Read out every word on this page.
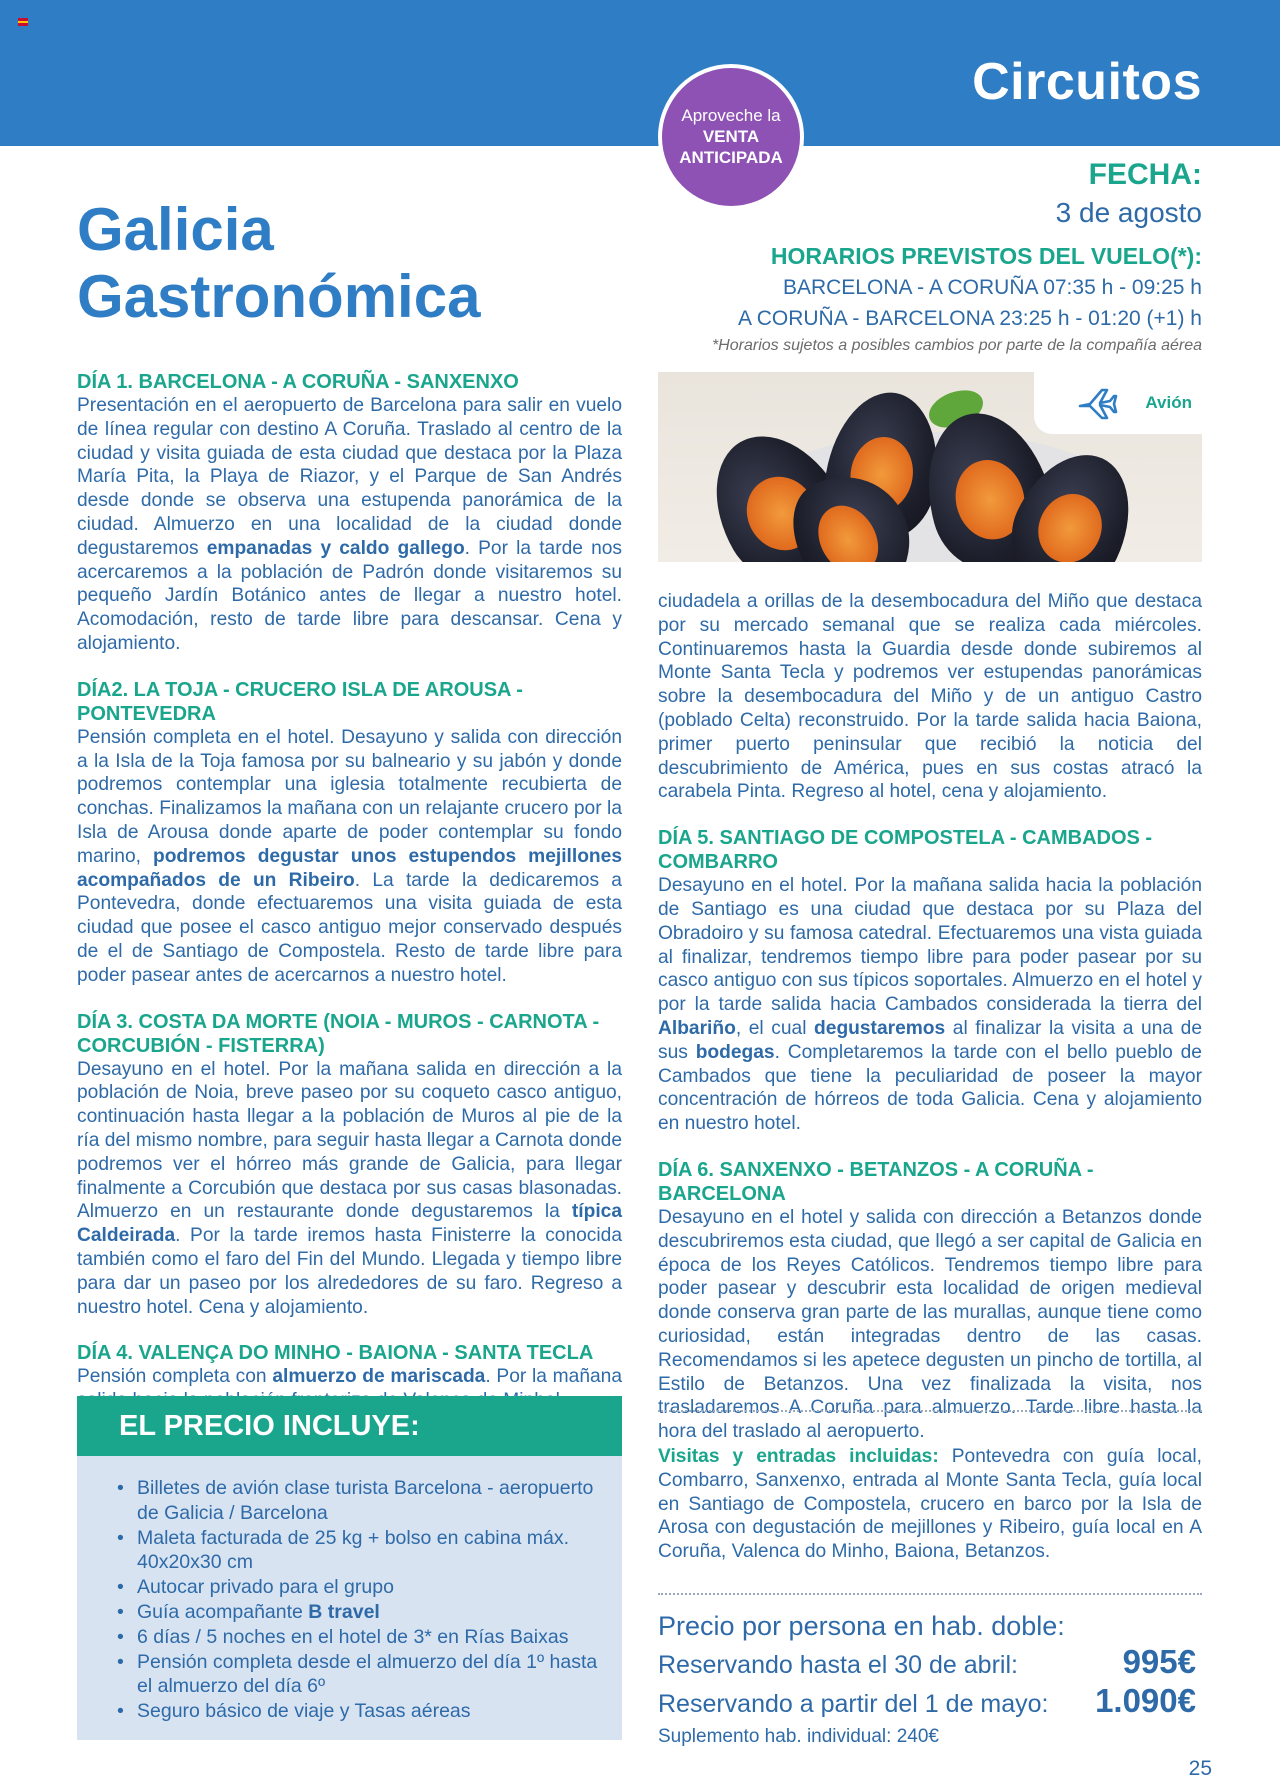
Circuitos
Aprovechе la
VENTA
ANTICIPADA
Galicia
Gastronómica
FECHA:
3 de agosto
HORARIOS PREVISTOS DEL VUELO(*):
BARCELONA - A CORUÑA 07:35 h - 09:25 h
A CORUÑA - BARCELONA 23:25 h - 01:20 (+1) h
*Horarios sujetos a posibles cambios por parte de la compañía aérea
Avión
DÍA 1. BARCELONA - A CORUÑA - SANXENXO
Presentación en el aeropuerto de Barcelona para salir en vuelo de línea regular con destino A Coruña. Traslado al centro de la ciudad y visita guiada de esta ciudad que destaca por la Plaza María Pita, la Playa de Riazor, y el Parque de San Andrés desde donde se observa una estupenda panorámica de la ciudad. Almuerzo en una localidad de la ciudad donde degustaremos empanadas y caldo gallego. Por la tarde nos acercaremos a la población de Padrón donde visitaremos su pequeño Jardín Botánico antes de llegar a nuestro hotel. Acomodación, resto de tarde libre para descansar. Cena y alojamiento.
DÍA2. LA TOJA - CRUCERO ISLA DE AROUSA - PONTEVEDRA
Pensión completa en el hotel. Desayuno y salida con dirección a la Isla de la Toja famosa por su balneario y su jabón y donde podremos contemplar una iglesia totalmente recubierta de conchas. Finalizamos la mañana con un relajante crucero por la Isla de Arousa donde aparte de poder contemplar su fondo marino, podremos degustar unos estupendos mejillones acompañados de un Ribeiro. La tarde la dedicaremos a Pontevedra, donde efectuaremos una visita guiada de esta ciudad que posee el casco antiguo mejor conservado después de el de Santiago de Compostela. Resto de tarde libre para poder pasear antes de acercarnos a nuestro hotel.
DÍA 3. COSTA DA MORTE (NOIA - MUROS - CARNOTA - CORCUBIÓN - FISTERRA)
Desayuno en el hotel. Por la mañana salida en dirección a la población de Noia, breve paseo por su coqueto casco antiguo, continuación hasta llegar a la población de Muros al pie de la ría del mismo nombre, para seguir hasta llegar a Carnota donde podremos ver el hórreo más grande de Galicia, para llegar finalmente a Corcubión que destaca por sus casas blasonadas. Almuerzo en un restaurante donde degustaremos la típica Caldeirada. Por la tarde iremos hasta Finisterre la conocida también como el faro del Fin del Mundo. Llegada y tiempo libre para dar un paseo por los alrededores de su faro. Regreso a nuestro hotel. Cena y alojamiento.
DÍA 4. VALENÇA DO MINHO - BAIONA - SANTA TECLA
Pensión completa con almuerzo de mariscada. Por la mañana
ciudadela a orillas de la desembocadura del Miño que destaca por su mercado semanal que se realiza cada miércoles. Continuaremos hasta la Guardia desde donde subiremos al Monte Santa Tecla y podremos ver estupendas panorámicas sobre la desembocadura del Miño y de un antiguo Castro (poblado Celta) reconstruido. Por la tarde salida hacia Baiona, primer puerto peninsular que recibió la noticia del descubrimiento de América, pues en sus costas atracó la carabela Pinta. Regreso al hotel, cena y alojamiento.
DÍA 5. SANTIAGO DE COMPOSTELA - CAMBADOS - COMBARRO
Desayuno en el hotel. Por la mañana salida hacia la población de Santiago es una ciudad que destaca por su Plaza del Obradoiro y su famosa catedral. Efectuaremos una vista guiada al finalizar, tendremos tiempo libre para poder pasear por su casco antiguo con sus típicos soportales. Almuerzo en el hotel y por la tarde salida hacia Cambados considerada la tierra del Albariño, el cual degustaremos al finalizar la visita a una de sus bodegas. Completaremos la tarde con el bello pueblo de Cambados que tiene la peculiaridad de poseer la mayor concentración de hórreos de toda Galicia. Cena y alojamiento en nuestro hotel.
DÍA 6. SANXENXO - BETANZOS - A CORUÑA - BARCELONA
Desayuno en el hotel y salida con dirección a Betanzos donde descubriremos esta ciudad, que llegó a ser capital de Galicia en época de los Reyes Católicos. Tendremos tiempo libre para poder pasear y descubrir esta localidad de origen medieval donde conserva gran parte de las murallas, aunque tiene como curiosidad, están integradas dentro de las casas. Recomendamos si les apetece degusten un pincho de tortilla, al Estilo de Betanzos. Una vez finalizada la visita, nos trasladaremos A Coruña para almuerzo. Tarde libre hasta la hora del traslado al aeropuerto.
EL PRECIO INCLUYE:
• Billetes de avión clase turista Barcelona - aeropuerto de Galicia / Barcelona
• Maleta facturada de 25 kg + bolso en cabina máx. 40x20x30 cm
• Autocar privado para el grupo
• Guía acompañante B travel
• 6 días / 5 noches en el hotel de 3* en Rías Baixas
• Pensión completa desde el almuerzo del día 1º hasta el almuerzo del día 6º
• Seguro básico de viaje y Tasas aéreas
Visitas y entradas incluidas: Pontevedra con guía local, Combarro, Sanxenxo, entrada al Monte Santa Tecla, guía local en Santiago de Compostela, crucero en barco por la Isla de Arosa con degustación de mejillones y Ribeiro, guía local en A Coruña, Valenca do Minho, Baiona, Betanzos.
Precio por persona en hab. doble:
Reservando hasta el 30 de abril:	995€
Reservando a partir del 1 de mayo: 1.090€
Suplemento hab. individual: 240€
25
